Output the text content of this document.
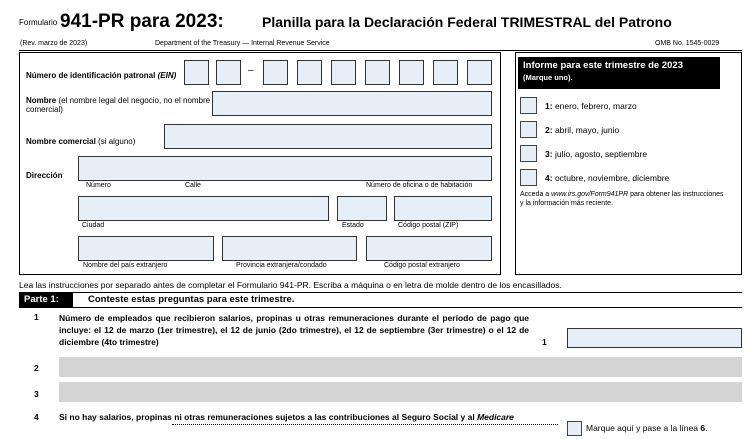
Formulario 941-PR para 2023:	Planilla para la Declaración Federal TRIMESTRAL del Patrono
(Rev. marzo de 2023)	Department of the Treasury — Internal Revenue Service	OMB No. 1545-0029
Número de identificación patronal (EIN)	–
Nombre (el nombre legal del negocio, no el nombre comercial)
Nombre comercial (si alguno)
Dirección
Número	Calle	Número de oficina o de habitación
Ciudad	Estado	Código postal (ZIP)
Nombre del país extranjero	Provincia extranjera/condado	Código postal extranjero
Informe para este trimestre de 2023
(Marque uno).
1: enero, febrero, marzo
2: abril, mayo, junio
3: julio, agosto, septiembre
4: octubre, noviembre, diciembre
Acceda a www.irs.gov/Form941PR para obtener las instrucciones y la información más reciente.
Lea las instrucciones por separado antes de completar el Formulario 941-PR. Escriba a máquina o en letra de molde dentro de los encasillados.
Parte 1:	Conteste estas preguntas para este trimestre.
1 Número de empleados que recibieron salarios, propinas u otras remuneraciones durante el período de pago que incluye: el 12 de marzo (1er trimestre), el 12 de junio (2do trimestre), el 12 de septiembre (3er trimestre) o el 12 de diciembre (4to trimestre)	1
2
3
4 Si no hay salarios, propinas ni otras remuneraciones sujetos a las contribuciones al Seguro Social y al Medicare
Marque aquí y pase a la línea 6.
